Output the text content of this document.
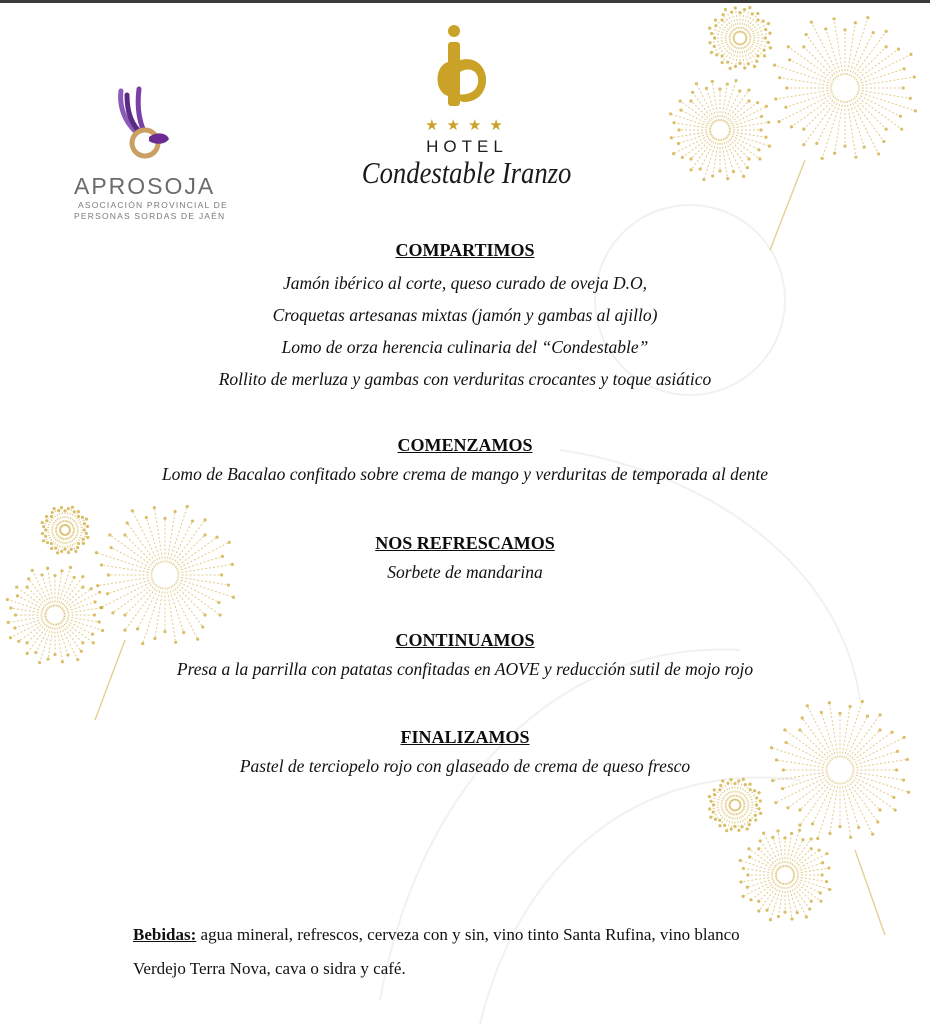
APROSOJA
ASOCIACIÓN PROVINCIAL DE
PERSONAS SORDAS DE JAÉN
★★★★
HOTEL
Condestable Iranzo
COMPARTIMOS
Jamón ibérico al corte, queso curado de oveja D.O,
Croquetas artesanas mixtas (jamón y gambas al ajillo)
Lomo de orza herencia culinaria del “Condestable”
Rollito de merluza y gambas con verduritas crocantes y toque asiático
COMENZAMOS
Lomo de Bacalao confitado sobre crema de mango y verduritas de temporada al dente
NOS REFRESCAMOS
Sorbete de mandarina
CONTINUAMOS
Presa a la parrilla con patatas confitadas en AOVE y reducción sutil de mojo rojo
FINALIZAMOS
Pastel de terciopelo rojo con glaseado de crema de queso fresco
Bebidas: agua mineral, refrescos, cerveza con y sin, vino tinto Santa Rufina, vino blanco Verdejo Terra Nova, cava o sidra y café.
